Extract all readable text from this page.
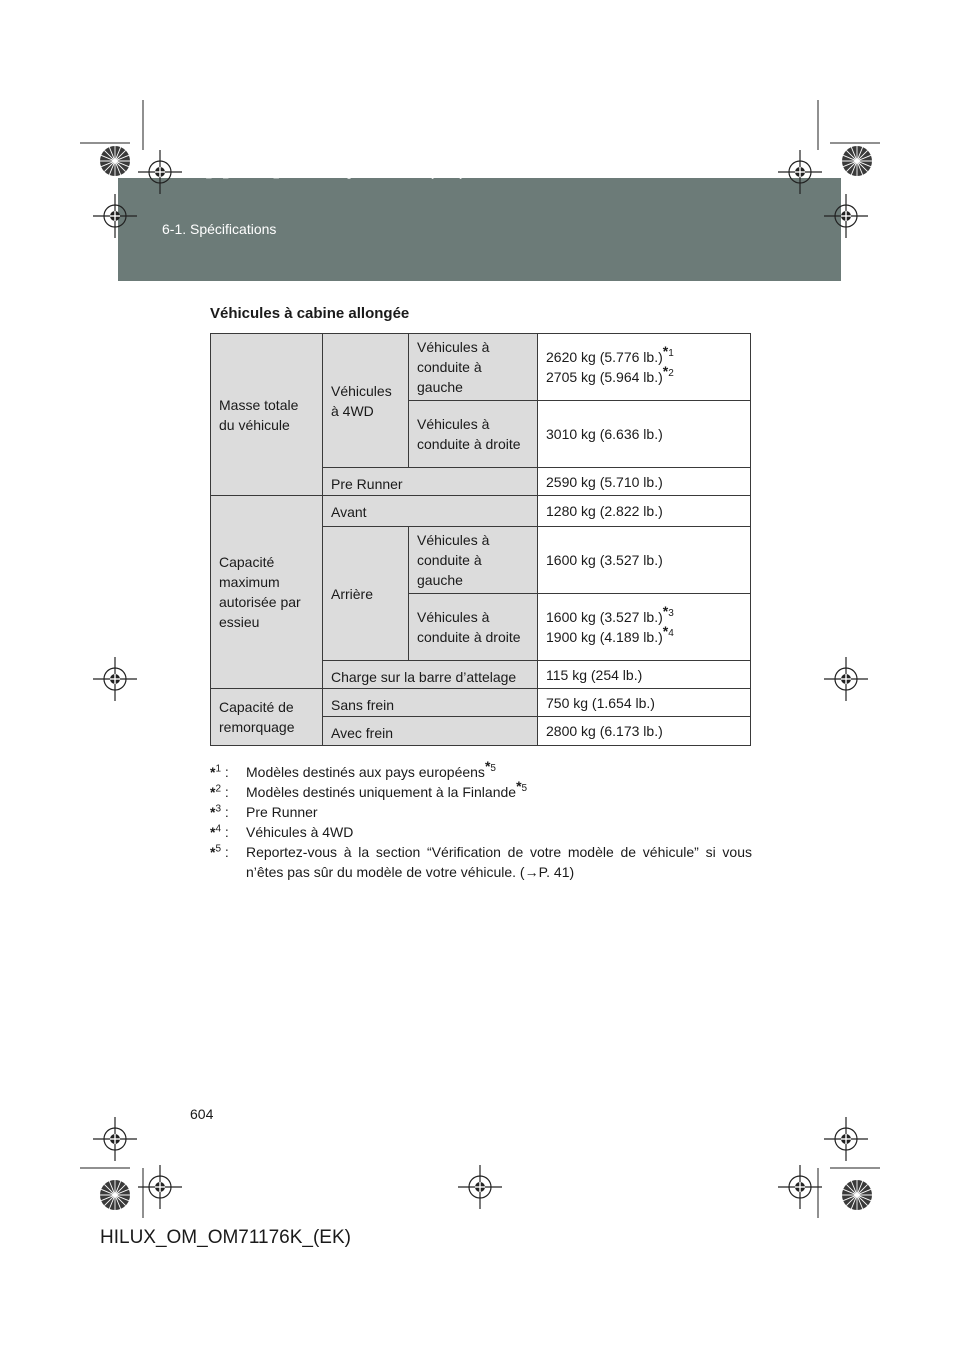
6-1. Spécifications
HILUX_OM_OM71176K_(EK).book Page 604 Wednesday, May 16, 2012 2:32 PM
Véhicules à cabine allongée
Masse totale du véhicule	Véhicules à 4WD	Véhicules à conduite à gauche	2620 kg (5.776 lb.)$^{*1}$
2705 kg (5.964 lb.)$^{*2}$
		Véhicules à conduite à droite	3010 kg (6.636 lb.)
	Pre Runner		2590 kg (5.710 lb.)
Capacité maximum autorisée par essieu	Avant		1280 kg (2.822 lb.)
	Arrière	Véhicules à conduite à gauche	1600 kg (3.527 lb.)
		Véhicules à conduite à droite	1600 kg (3.527 lb.)$^{*3}$
1900 kg (4.189 lb.)$^{*4}$
	Charge sur la barre d’attelage		115 kg (254 lb.)
Capacité de remorquage	Sans frein		750 kg (1.654 lb.)
	Avec frein		2800 kg (6.173 lb.)
*$^1$ :	Modèles destinés aux pays européens$^{*5}$
*$^2$ :	Modèles destinés uniquement à la Finlande$^{*5}$
*$^3$ :	Pre Runner
*$^4$ :	Véhicules à 4WD
*$^5$ :	Reportez-vous à la section “Vérification de votre modèle de véhicule” si vous n’êtes pas sûr du modèle de votre véhicule. (→P. 41)
604
HILUX_OM_OM71176K_(EK)
